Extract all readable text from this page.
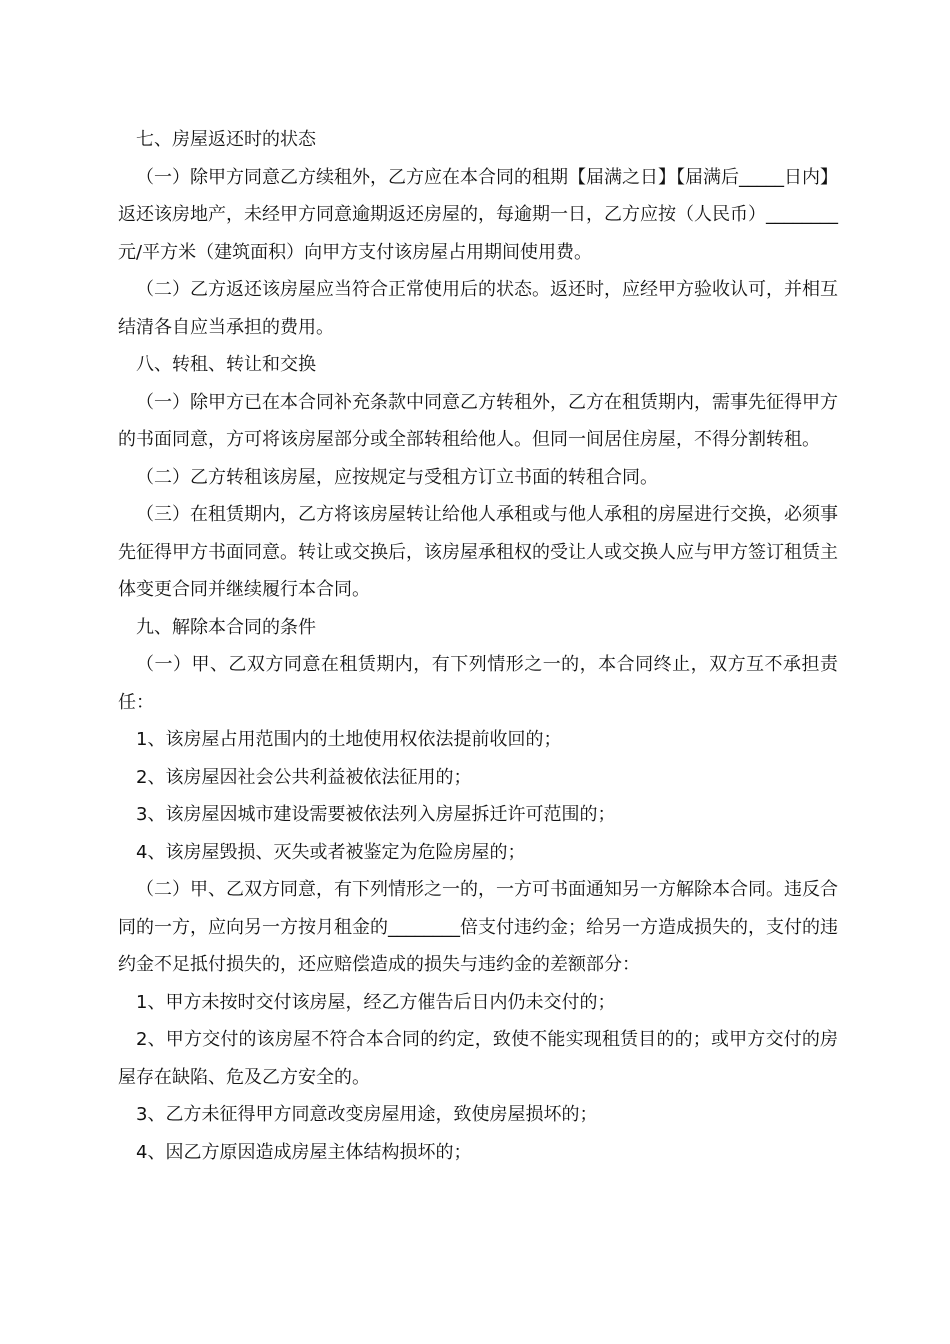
七、房屋返还时的状态

（一）除甲方同意乙方续租外，乙方应在本合同的租期【届满之日】【届满后_____日内】返还该房地产，未经甲方同意逾期返还房屋的，每逾期一日，乙方应按（人民币）________元/平方米（建筑面积）向甲方支付该房屋占用期间使用费。

（二）乙方返还该房屋应当符合正常使用后的状态。返还时，应经甲方验收认可，并相互结清各自应当承担的费用。

八、转租、转让和交换

（一）除甲方已在本合同补充条款中同意乙方转租外，乙方在租赁期内，需事先征得甲方的书面同意，方可将该房屋部分或全部转租给他人。但同一间居住房屋，不得分割转租。

（二）乙方转租该房屋，应按规定与受租方订立书面的转租合同。

（三）在租赁期内，乙方将该房屋转让给他人承租或与他人承租的房屋进行交换，必须事先征得甲方书面同意。转让或交换后，该房屋承租权的受让人或交换人应与甲方签订租赁主体变更合同并继续履行本合同。

九、解除本合同的条件

（一）甲、乙双方同意在租赁期内，有下列情形之一的，本合同终止，双方互不承担责任：

1、该房屋占用范围内的土地使用权依法提前收回的；

2、该房屋因社会公共利益被依法征用的；

3、该房屋因城市建设需要被依法列入房屋拆迁许可范围的；

4、该房屋毁损、灭失或者被鉴定为危险房屋的；

（二）甲、乙双方同意，有下列情形之一的，一方可书面通知另一方解除本合同。违反合同的一方，应向另一方按月租金的________倍支付违约金；给另一方造成损失的，支付的违约金不足抵付损失的，还应赔偿造成的损失与违约金的差额部分：

1、甲方未按时交付该房屋，经乙方催告后日内仍未交付的；

2、甲方交付的该房屋不符合本合同的约定，致使不能实现租赁目的的；或甲方交付的房屋存在缺陷、危及乙方安全的。

3、乙方未征得甲方同意改变房屋用途，致使房屋损坏的；

4、因乙方原因造成房屋主体结构损坏的；
